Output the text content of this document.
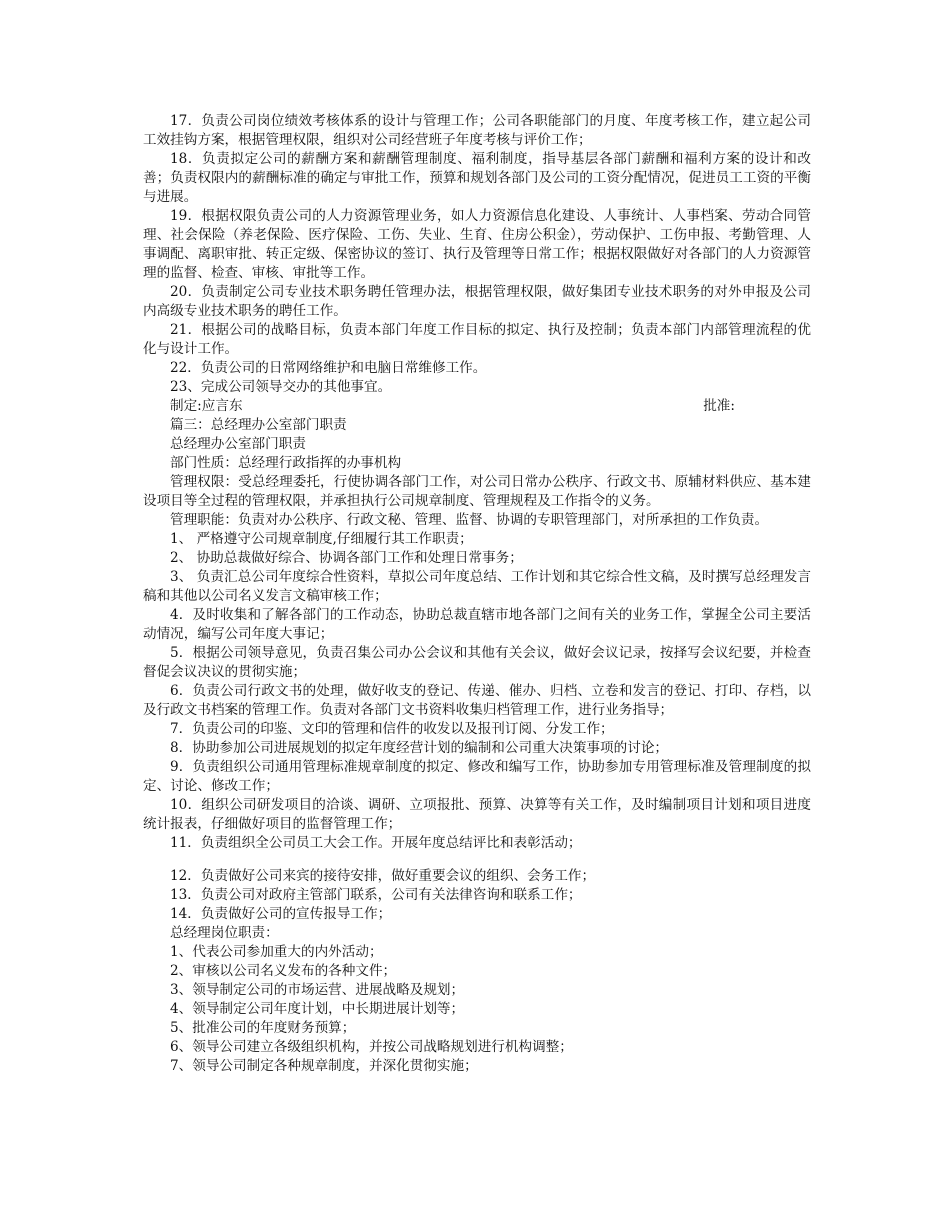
17．负责公司岗位绩效考核体系的设计与管理工作；公司各职能部门的月度、年度考核工作，建立起公司工效挂钩方案，根据管理权限，组织对公司经营班子年度考核与评价工作；

18．负责拟定公司的薪酬方案和薪酬管理制度、福利制度，指导基层各部门薪酬和福利方案的设计和改善；负责权限内的薪酬标准的确定与审批工作，预算和规划各部门及公司的工资分配情况，促进员工工资的平衡与进展。

19．根据权限负责公司的人力资源管理业务，如人力资源信息化建设、人事统计、人事档案、劳动合同管理、社会保险（养老保险、医疗保险、工伤、失业、生育、住房公积金），劳动保护、工伤申报、考勤管理、人事调配、离职审批、转正定级、保密协议的签订、执行及管理等日常工作；根据权限做好对各部门的人力资源管理的监督、检查、审核、审批等工作。

20．负责制定公司专业技术职务聘任管理办法，根据管理权限，做好集团专业技术职务的对外申报及公司内高级专业技术职务的聘任工作。

21．根据公司的战略目标，负责本部门年度工作目标的拟定、执行及控制；负责本部门内部管理流程的优化与设计工作。

22．负责公司的日常网络维护和电脑日常维修工作。

23、完成公司领导交办的其他事宜。

制定:应言东	批准:

篇三：总经理办公室部门职责

总经理办公室部门职责

部门性质：总经理行政指挥的办事机构

管理权限：受总经理委托，行使协调各部门工作，对公司日常办公秩序、行政文书、原辅材料供应、基本建设项目等全过程的管理权限，并承担执行公司规章制度、管理规程及工作指令的义务。

管理职能：负责对办公秩序、行政文秘、管理、监督、协调的专职管理部门，对所承担的工作负责。

1、 严格遵守公司规章制度,仔细履行其工作职责；

2、 协助总裁做好综合、协调各部门工作和处理日常事务；

3、 负责汇总公司年度综合性资料，草拟公司年度总结、工作计划和其它综合性文稿，及时撰写总经理发言稿和其他以公司名义发言文稿审核工作；

4．及时收集和了解各部门的工作动态，协助总裁直辖市地各部门之间有关的业务工作，掌握全公司主要活动情况，编写公司年度大事记；

5．根据公司领导意见，负责召集公司办公会议和其他有关会议，做好会议记录，按择写会议纪要，并检查督促会议决议的贯彻实施；

6．负责公司行政文书的处理，做好收支的登记、传递、催办、归档、立卷和发言的登记、打印、存档，以及行政文书档案的管理工作。负责对各部门文书资料收集归档管理工作，进行业务指导；

7．负责公司的印鉴、文印的管理和信件的收发以及报刊订阅、分发工作；

8．协助参加公司进展规划的拟定年度经营计划的编制和公司重大决策事项的讨论；

9．负责组织公司通用管理标准规章制度的拟定、修改和编写工作，协助参加专用管理标准及管理制度的拟定、讨论、修改工作；

10．组织公司研发项目的洽谈、调研、立项报批、预算、决算等有关工作，及时编制项目计划和项目进度统计报表，仔细做好项目的监督管理工作；

11．负责组织全公司员工大会工作。开展年度总结评比和表彰活动；

12．负责做好公司来宾的接待安排，做好重要会议的组织、会务工作；

13．负责公司对政府主管部门联系，公司有关法律咨询和联系工作；

14．负责做好公司的宣传报导工作；

总经理岗位职责：

1、代表公司参加重大的内外活动；

2、审核以公司名义发布的各种文件；

3、领导制定公司的市场运营、进展战略及规划；

4、领导制定公司年度计划，中长期进展计划等；

5、批准公司的年度财务预算；

6、领导公司建立各级组织机构，并按公司战略规划进行机构调整；

7、领导公司制定各种规章制度，并深化贯彻实施；
